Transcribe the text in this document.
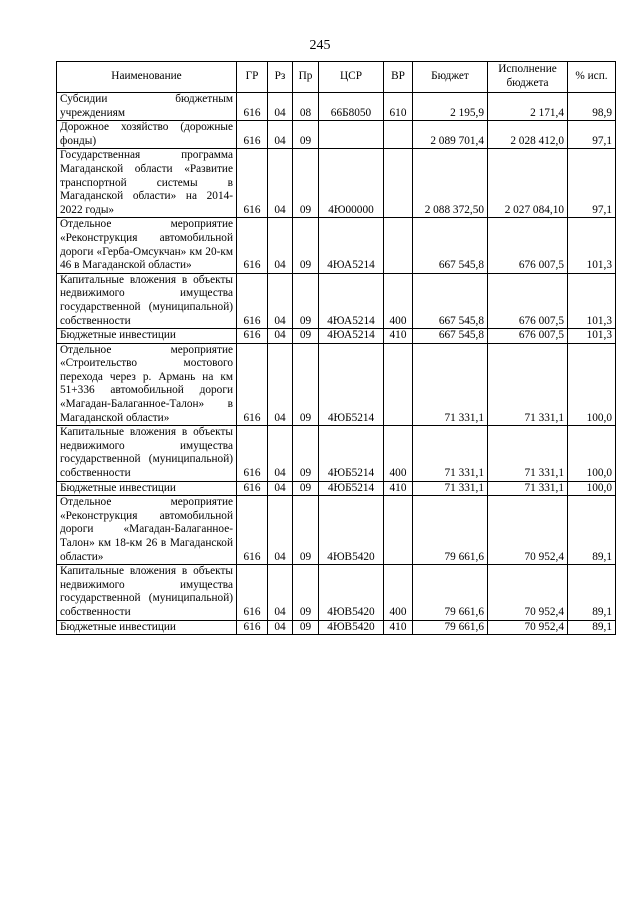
245
Наименование	ГР	Рз	Пр	ЦСР	ВР	Бюджет	Исполнение бюджета	% исп.
Субсидии бюджетным учреждениям	616	04	08	66Б8050	610	2 195,9	2 171,4	98,9
Дорожное хозяйство (дорожные фонды)	616	04	09			2 089 701,4	2 028 412,0	97,1
Государственная программа Магаданской области «Развитие транспортной системы в Магаданской области» на 2014-2022 годы»	616	04	09	4Ю00000		2 088 372,50	2 027 084,10	97,1
Отдельное мероприятие «Реконструкция автомобильной дороги «Герба-Омсукчан» км 20-км 46 в Магаданской области»	616	04	09	4ЮА5214		667 545,8	676 007,5	101,3
Капитальные вложения в объекты недвижимого имущества государственной (муниципальной) собственности	616	04	09	4ЮА5214	400	667 545,8	676 007,5	101,3
Бюджетные инвестиции	616	04	09	4ЮА5214	410	667 545,8	676 007,5	101,3
Отдельное мероприятие «Строительство мостового перехода через р. Армань на км 51+336 автомобильной дороги «Магадан-Балаганное-Талон» в Магаданской области»	616	04	09	4ЮБ5214		71 331,1	71 331,1	100,0
Капитальные вложения в объекты недвижимого имущества государственной (муниципальной) собственности	616	04	09	4ЮБ5214	400	71 331,1	71 331,1	100,0
Бюджетные инвестиции	616	04	09	4ЮБ5214	410	71 331,1	71 331,1	100,0
Отдельное мероприятие «Реконструкция автомобильной дороги «Магадан-Балаганное-Талон» км 18-км 26 в Магаданской области»	616	04	09	4ЮВ5420		79 661,6	70 952,4	89,1
Капитальные вложения в объекты недвижимого имущества государственной (муниципальной) собственности	616	04	09	4ЮВ5420	400	79 661,6	70 952,4	89,1
Бюджетные инвестиции	616	04	09	4ЮВ5420	410	79 661,6	70 952,4	89,1
